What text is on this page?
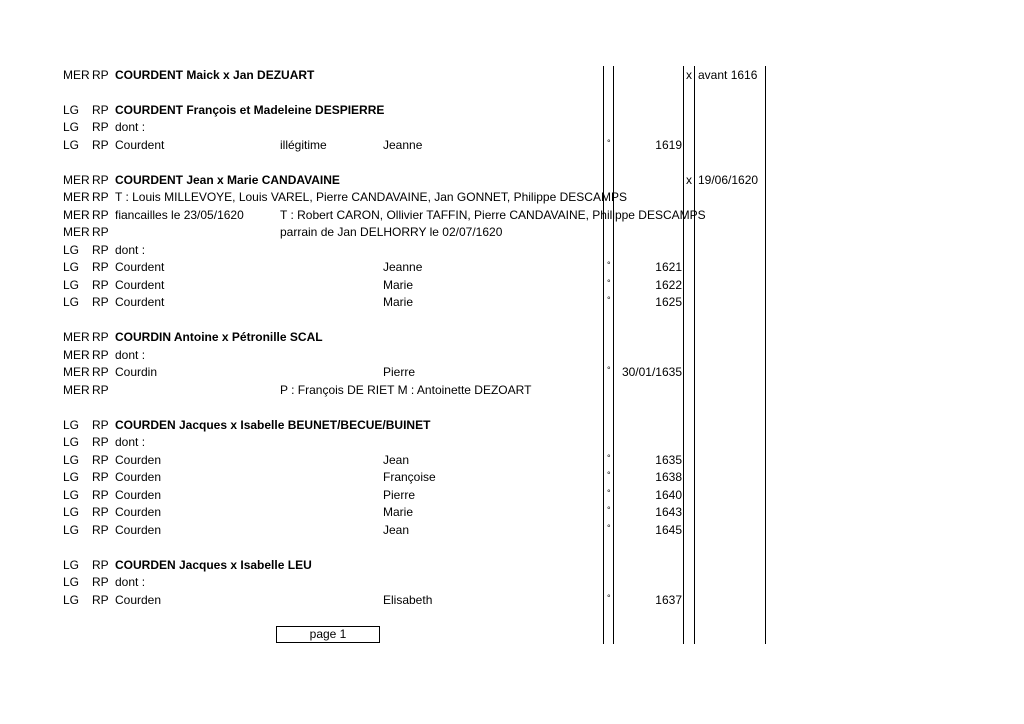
MER RP COURDENT Maick x Jan DEZUART	x avant 1616
LG RP COURDENT François et Madeleine DESPIERRE
LG RP dont :
LG RP Courdent	illégitime	Jeanne	°	1619
MER RP COURDENT Jean x Marie CANDAVAINE	x 19/06/1620
MER RP T : Louis MILLEVOYE, Louis VAREL, Pierre CANDAVAINE, Jan GONNET, Philippe DESCAMPS
MER RP fiancailles le 23/05/1620	T : Robert CARON, Ollivier TAFFIN, Pierre CANDAVAINE, Philippe DESCAMPS
MER RP	parrain de Jan DELHORRY le 02/07/1620
LG RP dont :
LG RP Courdent	Jeanne	°	1621
LG RP Courdent	Marie	°	1622
LG RP Courdent	Marie	°	1625
MER RP COURDIN Antoine x Pétronille SCAL
MER RP dont :
MER RP Courdin	Pierre	° 30/01/1635
MER RP	P : François DE RIET M : Antoinette DEZOART
LG RP COURDEN Jacques x Isabelle BEUNET/BECUE/BUINET
LG RP dont :
LG RP Courden	Jean	°	1635
LG RP Courden	Françoise	°	1638
LG RP Courden	Pierre	°	1640
LG RP Courden	Marie	°	1643
LG RP Courden	Jean	°	1645
LG RP COURDEN Jacques x Isabelle LEU
LG RP dont :
LG RP Courden	Elisabeth	°	1637
page 1
